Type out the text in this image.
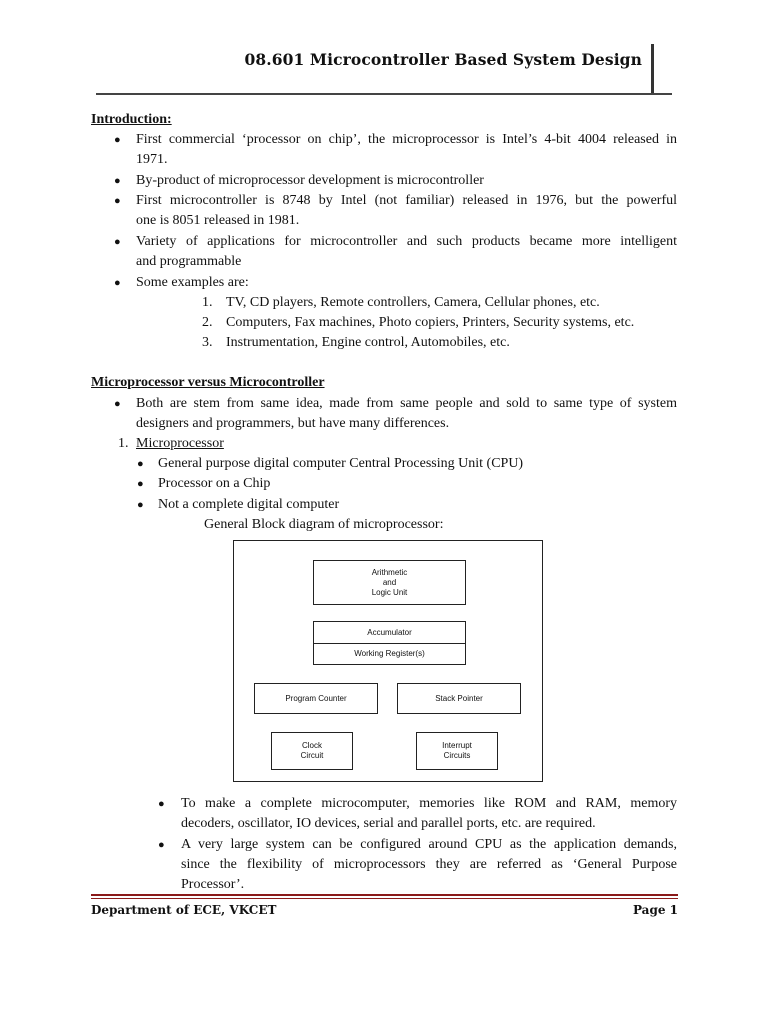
08.601 Microcontroller Based System Design
Introduction:
● First commercial ‘processor on chip’, the microprocessor is Intel’s 4-bit 4004 released in
1971.
● By-product of microprocessor development is microcontroller
● First microcontroller is 8748 by Intel (not familiar) released in 1976, but the powerful
one is 8051 released in 1981.
● Variety of applications for microcontroller and such products became more intelligent
and programmable
● Some examples are:
1. TV, CD players, Remote controllers, Camera, Cellular phones, etc.
2. Computers, Fax machines, Photo copiers, Printers, Security systems, etc.
3. Instrumentation, Engine control, Automobiles, etc.
Microprocessor versus Microcontroller
● Both are stem from same idea, made from same people and sold to same type of system
designers and programmers, but have many differences.
1. Microprocessor
● General purpose digital computer Central Processing Unit (CPU)
● Processor on a Chip
● Not a complete digital computer
General Block diagram of microprocessor:
Arithmetic
and
Logic Unit
Accumulator
Working Register(s)
Program Counter	Stack Pointer
Clock
Circuit
Interrupt
Circuits
● To make a complete microcomputer, memories like ROM and RAM, memory
decoders, oscillator, IO devices, serial and parallel ports, etc. are required.
● A very large system can be configured around CPU as the application demands,
since the flexibility of microprocessors they are referred as ‘General Purpose
Processor’.
Department of ECE, VKCET	Page 1
